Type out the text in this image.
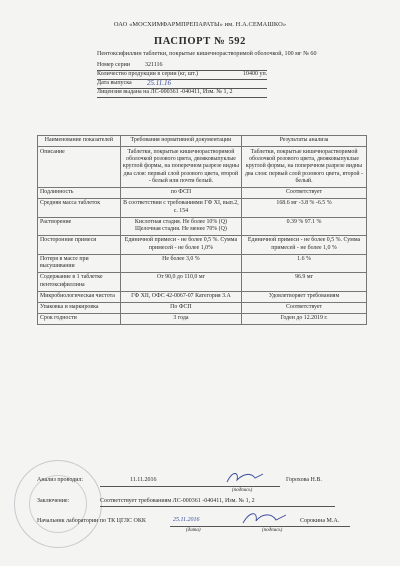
ОАО «МОСХИМФАРМПРЕПАРАТЫ» им. Н.А.СЕМАШКО»
ПАСПОРТ № 592
Пентоксифиллин таблетки, покрытые кишечнорастворимой оболочкой, 100 мг № 60
Номер серии	321116
Количество продукции в серии (кг, шт.)	10400 уп.
Дата выпуска 25.11.16
Лицензия выдана на ЛС-000361 -040411, Изм. № 1, 2
Наименование показателей	Требования нормативной документации	Результаты анализа
Описание	Таблетки, покрытые кишечнорастворимой оболочкой розового цвета, двояковыпуклые круглой формы, на поперечном разрезе видны два слоя: первый слой розового цвета, второй - белый или почти белый.	Таблетки, покрытые кишечнорастворимой оболочкой розового цвета, двояковыпуклые круглой формы, на поперечном разрезе видны два слоя: первый слой розового цвета, второй - белый.
Подлинность	по ФСП	Соответствует
Средняя масса таблеток	В соответствии с требованиями ГФ XI, вып.2, с. 154	168.6 мг -3.8 % -6.5 %
Растворение	Кислотная стадия. Не более 10% (Q) Щелочная стадия. Не менее 70% (Q)	0.39 % 97.1 %
Посторонние примеси	Единичной примеси - не более 0,5 %. Сумма примесей - не более 1,0%	Единичной примеси - не более 0,5 %. Сумма примесей - не более 1,0 %
Потеря в массе при высушивании	Не более 3,0 %	1.6 %
Содержание в 1 таблетке пентоксифиллина	От 90,0 до 110,0 мг	96.9 мг
Микробиологическая чистота	ГФ XII, ОФС 42-0067-07 Категория 3.А	Удовлетворяет требованиям
Упаковка и маркировка	По ФСП	Соответствует
Срок годности	3 года	Годен до 12.2019 г.
Анализ проводил:	11.11.2016	Горохова Н.В.
(подпись)
Заключение:	Соответствует требованиям ЛС-000361 -040411, Изм. № 1, 2
Начальник лаборатории по ТК ЦГЛС ОКК	25.11.2016	Сорокина М.А.
(дата)	(подпись)
